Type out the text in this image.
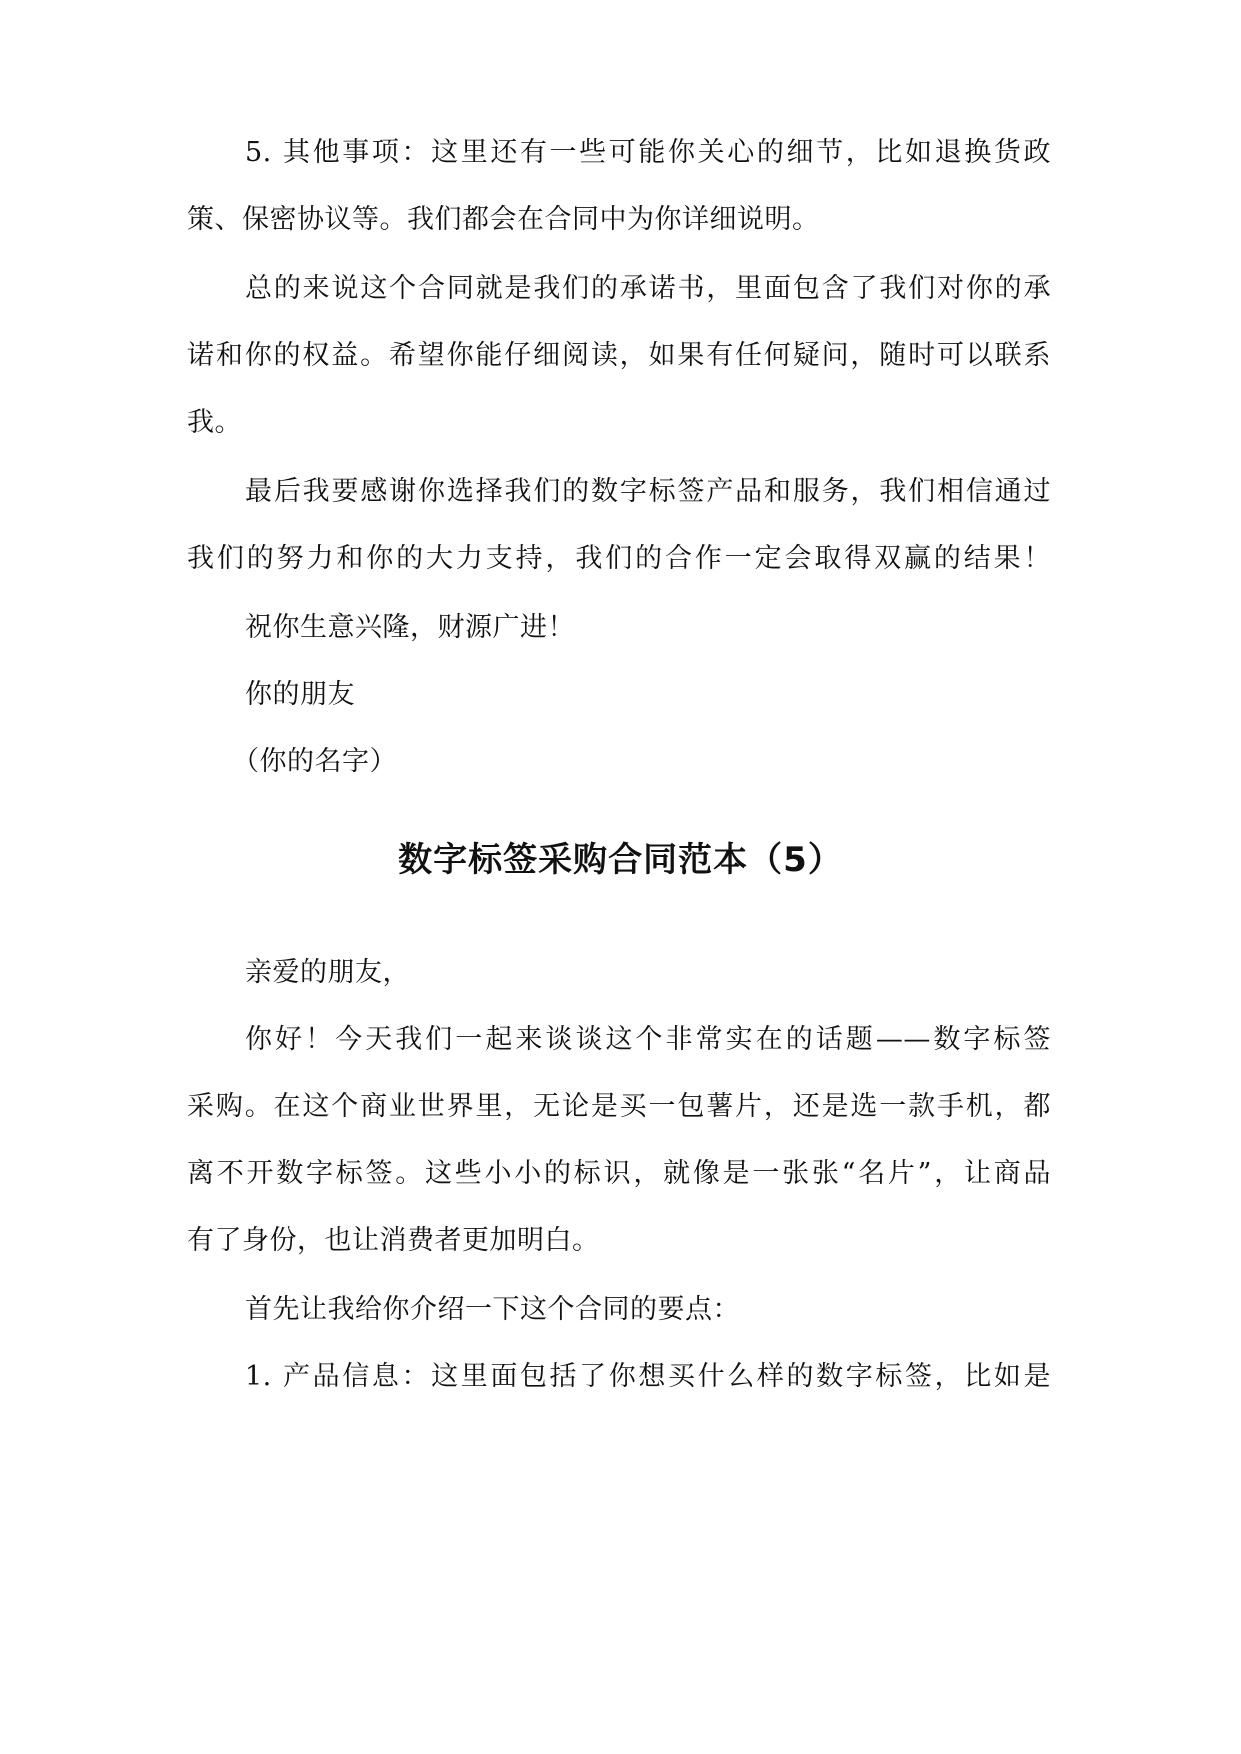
5. 其他事项：这里还有一些可能你关心的细节，比如退换货政
策、保密协议等。我们都会在合同中为你详细说明。
总的来说这个合同就是我们的承诺书，里面包含了我们对你的承
诺和你的权益。希望你能仔细阅读，如果有任何疑问，随时可以联系
我。
最后我要感谢你选择我们的数字标签产品和服务，我们相信通过
我们的努力和你的大力支持，我们的合作一定会取得双赢的结果！
祝你生意兴隆，财源广进！
你的朋友
（你的名字）
数字标签采购合同范本（5）
亲爱的朋友，
你好！今天我们一起来谈谈这个非常实在的话题——数字标签
采购。在这个商业世界里，无论是买一包薯片，还是选一款手机，都
离不开数字标签。这些小小的标识，就像是一张张“名片”，让商品
有了身份，也让消费者更加明白。
首先让我给你介绍一下这个合同的要点：
1. 产品信息：这里面包括了你想买什么样的数字标签，比如是
